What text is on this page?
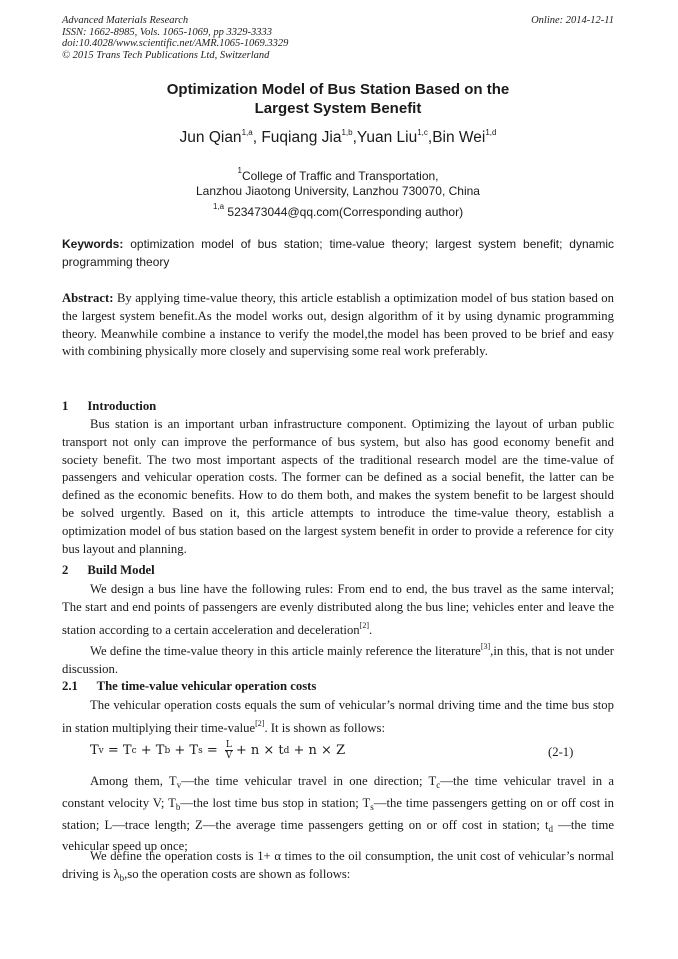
Advanced Materials Research
ISSN: 1662-8985, Vols. 1065-1069, pp 3329-3333
doi:10.4028/www.scientific.net/AMR.1065-1069.3329
© 2015 Trans Tech Publications Ltd, Switzerland
Online: 2014-12-11
Optimization Model of Bus Station Based on the
Largest System Benefit
Jun Qian$^{1,a}$, Fuqiang Jia$^{1,b}$,Yuan Liu$^{1,c}$,Bin Wei$^{1,d}$
$^1$College of Traffic and Transportation,
Lanzhou Jiaotong University, Lanzhou 730070, China
$^{1,a}$ 523473044@qq.com(Corresponding author)
Keywords: optimization model of bus station; time-value theory; largest system benefit; dynamic programming theory
Abstract: By applying time-value theory, this article establish a optimization model of bus station based on the largest system benefit.As the model works out, design algorithm of it by using dynamic programming theory. Meanwhile combine a instance to verify the model,the model has been proved to be brief and easy with combining physically more closely and supervising some real work preferably.
1      Introduction
Bus station is an important urban infrastructure component. Optimizing the layout of urban public transport not only can improve the performance of bus system, but also has good economy benefit and society benefit. The two most important aspects of the traditional research model are the time-value of passengers and vehicular operation costs. The former can be defined as a social benefit, the latter can be defined as the economic benefits. How to do them both, and makes the system benefit to be largest should be solved urgently. Based on it, this article attempts to introduce the time-value theory, establish a optimization model of bus station based on the largest system benefit in order to provide a reference for city bus layout and planning.
2      Build Model
We design a bus line have the following rules: From end to end, the bus travel as the same interval; The start and end points of passengers are evenly distributed along the bus line; vehicles enter and leave the station according to a certain acceleration and deceleration[2].
We define the time-value theory in this article mainly reference the literature[3],in this, that is not under discussion.
2.1      The time-value vehicular operation costs
The vehicular operation costs equals the sum of vehicular’s normal driving time and the time bus stop in station multiplying their time-value[2]. It is shown as follows:
T v = T c + T b + T $s = \frac{L}{V} + n \times t$ d + n × Z	(2-1)
Among them, $T_v—the$ time vehicular travel in one direction; $T_c—the$ time vehicular travel in a constant velocity V; $T_b—the$ lost time bus stop in station; $T_s—the$ time passengers getting on or off cost in station; L—trace length; Z—the average time passengers getting on or off cost in station; $t_d$ —the time vehicular speed up once;
We define the operation costs is 1+ α times to the oil consumption, the unit cost of vehicular’s normal driving is $\lambda_b,so$ the operation costs are shown as follows:
